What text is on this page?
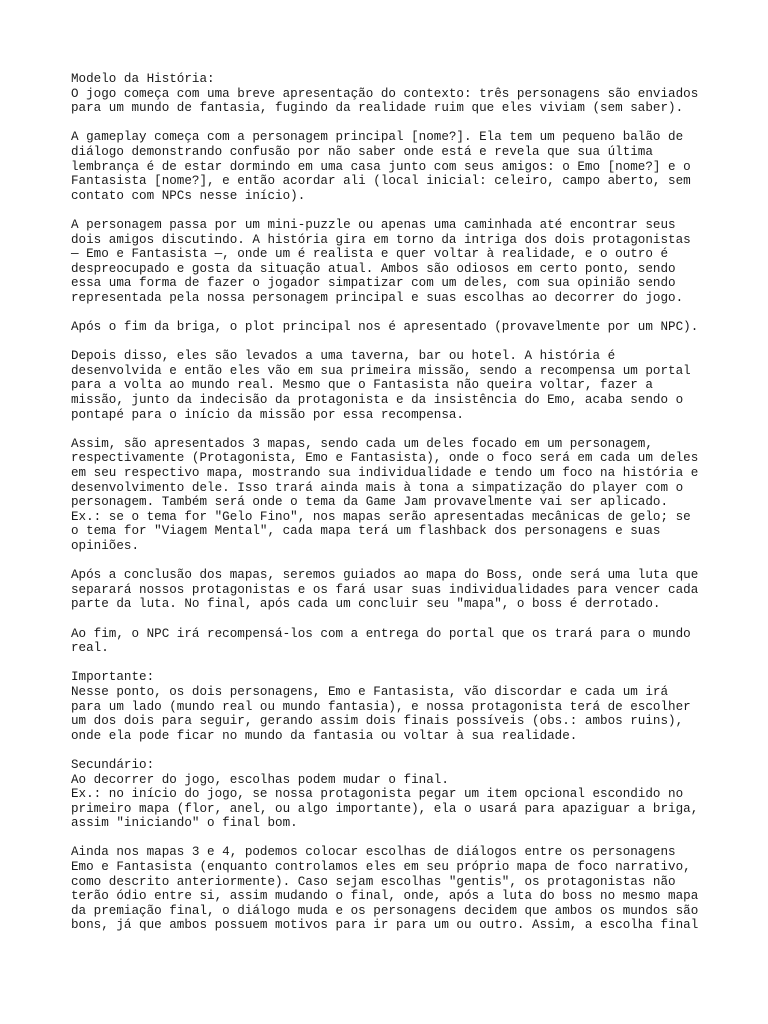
Modelo da História:
O jogo começa com uma breve apresentação do contexto: três personagens são enviados
para um mundo de fantasia, fugindo da realidade ruim que eles viviam (sem saber).
A gameplay começa com a personagem principal [nome?]. Ela tem um pequeno balão de
diálogo demonstrando confusão por não saber onde está e revela que sua última
lembrança é de estar dormindo em uma casa junto com seus amigos: o Emo [nome?] e o
Fantasista [nome?], e então acordar ali (local inicial: celeiro, campo aberto, sem
contato com NPCs nesse início).
A personagem passa por um mini-puzzle ou apenas uma caminhada até encontrar seus
dois amigos discutindo. A história gira em torno da intriga dos dois protagonistas
— Emo e Fantasista —, onde um é realista e quer voltar à realidade, e o outro é
despreocupado e gosta da situação atual. Ambos são odiosos em certo ponto, sendo
essa uma forma de fazer o jogador simpatizar com um deles, com sua opinião sendo
representada pela nossa personagem principal e suas escolhas ao decorrer do jogo.
Após o fim da briga, o plot principal nos é apresentado (provavelmente por um NPC).
Depois disso, eles são levados a uma taverna, bar ou hotel. A história é
desenvolvida e então eles vão em sua primeira missão, sendo a recompensa um portal
para a volta ao mundo real. Mesmo que o Fantasista não queira voltar, fazer a
missão, junto da indecisão da protagonista e da insistência do Emo, acaba sendo o
pontapé para o início da missão por essa recompensa.
Assim, são apresentados 3 mapas, sendo cada um deles focado em um personagem,
respectivamente (Protagonista, Emo e Fantasista), onde o foco será em cada um deles
em seu respectivo mapa, mostrando sua individualidade e tendo um foco na história e
desenvolvimento dele. Isso trará ainda mais à tona a simpatização do player com o
personagem. Também será onde o tema da Game Jam provavelmente vai ser aplicado.
Ex.: se o tema for "Gelo Fino", nos mapas serão apresentadas mecânicas de gelo; se
o tema for "Viagem Mental", cada mapa terá um flashback dos personagens e suas
opiniões.
Após a conclusão dos mapas, seremos guiados ao mapa do Boss, onde será uma luta que
separará nossos protagonistas e os fará usar suas individualidades para vencer cada
parte da luta. No final, após cada um concluir seu "mapa", o boss é derrotado.
Ao fim, o NPC irá recompensá-los com a entrega do portal que os trará para o mundo
real.
Importante:
Nesse ponto, os dois personagens, Emo e Fantasista, vão discordar e cada um irá
para um lado (mundo real ou mundo fantasia), e nossa protagonista terá de escolher
um dos dois para seguir, gerando assim dois finais possíveis (obs.: ambos ruins),
onde ela pode ficar no mundo da fantasia ou voltar à sua realidade.
Secundário:
Ao decorrer do jogo, escolhas podem mudar o final.
Ex.: no início do jogo, se nossa protagonista pegar um item opcional escondido no
primeiro mapa (flor, anel, ou algo importante), ela o usará para apaziguar a briga,
assim "iniciando" o final bom.
Ainda nos mapas 3 e 4, podemos colocar escolhas de diálogos entre os personagens
Emo e Fantasista (enquanto controlamos eles em seu próprio mapa de foco narrativo,
como descrito anteriormente). Caso sejam escolhas "gentis", os protagonistas não
terão ódio entre si, assim mudando o final, onde, após a luta do boss no mesmo mapa
da premiação final, o diálogo muda e os personagens decidem que ambos os mundos são
bons, já que ambos possuem motivos para ir para um ou outro. Assim, a escolha final
